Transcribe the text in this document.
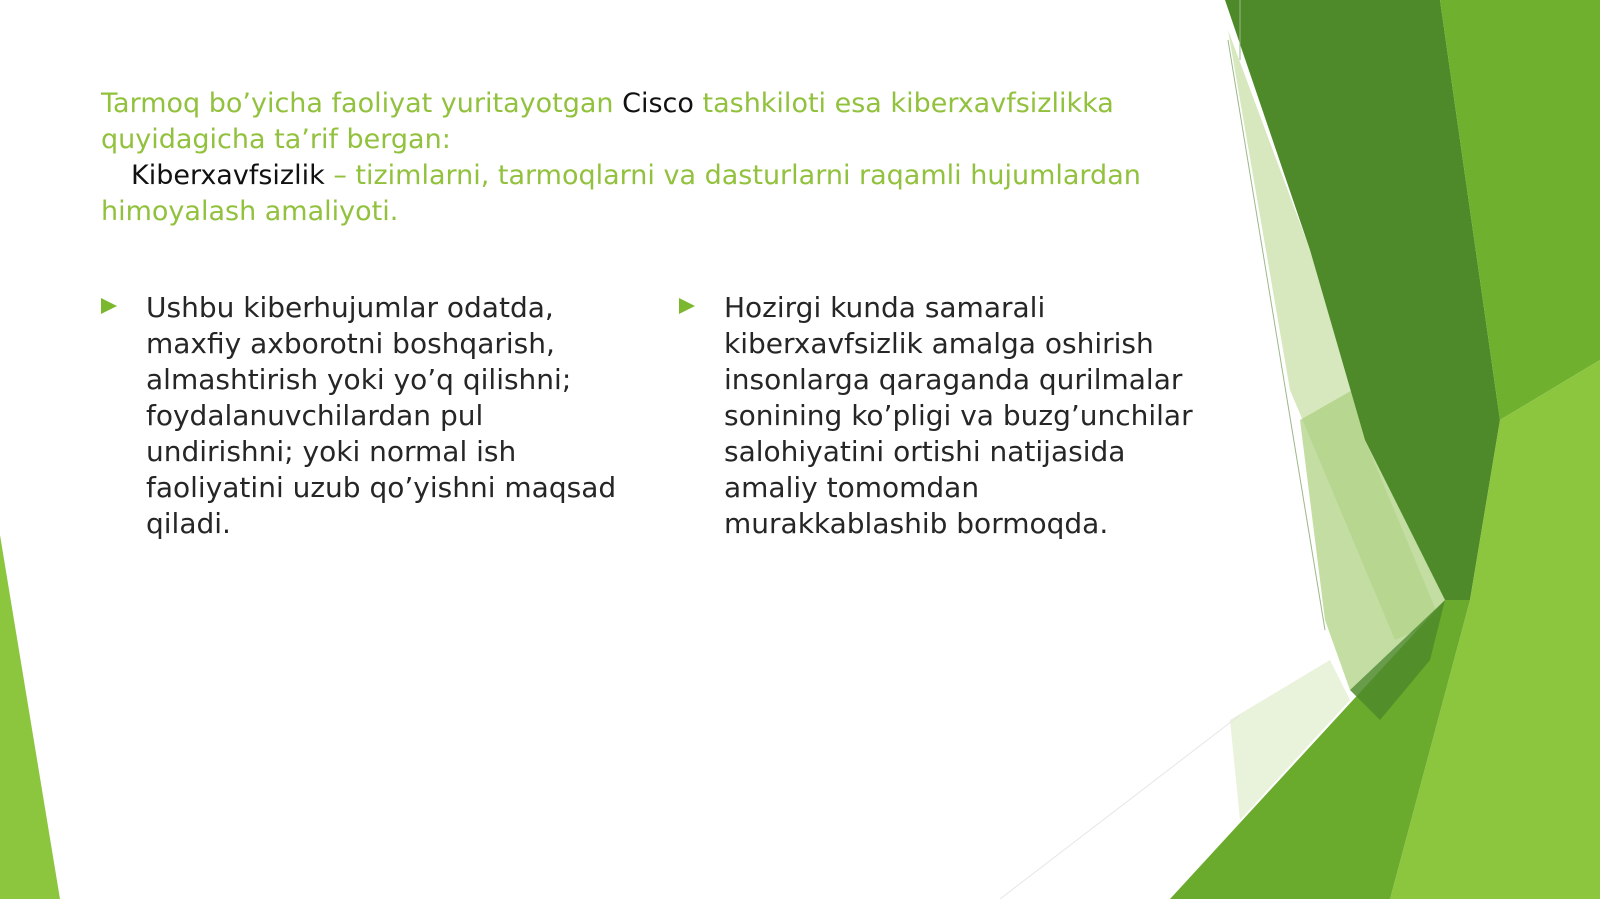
Tarmoq bo’yicha faoliyat yuritayotgan Cisco tashkiloti esa kiberxavfsizlikka quyidagicha ta’rif bergan:
Kiberxavfsizlik – tizimlarni, tarmoqlarni va dasturlarni raqamli hujumlardan himoyalash amaliyoti.
Ushbu kiberhujumlar odatda,
maxfiy axborotni boshqarish,
almashtirish yoki yo’q qilishni;
foydalanuvchilardan pul
undirishni; yoki normal ish
faoliyatini uzub qo’yishni maqsad
qiladi.
Hozirgi kunda samarali
kiberxavfsizlik amalga oshirish
insonlarga qaraganda qurilmalar
sonining ko’pligi va buzg’unchilar
salohiyatini ortishi natijasida
amaliy tomomdan
murakkablashib bormoqda.
